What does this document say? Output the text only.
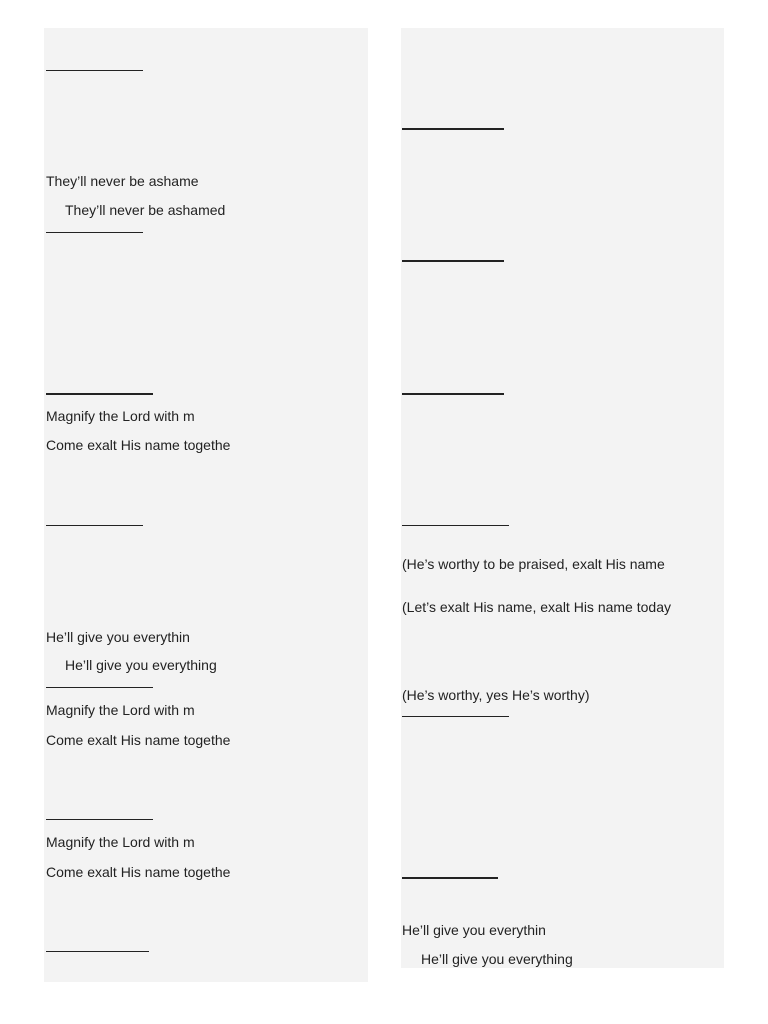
They’ll never be ashame
They’ll never be ashamed
Magnify the Lord with m
Come exalt His name togethe
He’ll give you everythin
He’ll give you everything
Magnify the Lord with m
Come exalt His name togethe
Magnify the Lord with m
Come exalt His name togethe
(He’s worthy to be praised, exalt His name
(Let’s exalt His name, exalt His name today
(He’s worthy, yes He’s worthy)
He’ll give you everythin
He’ll give you everything
